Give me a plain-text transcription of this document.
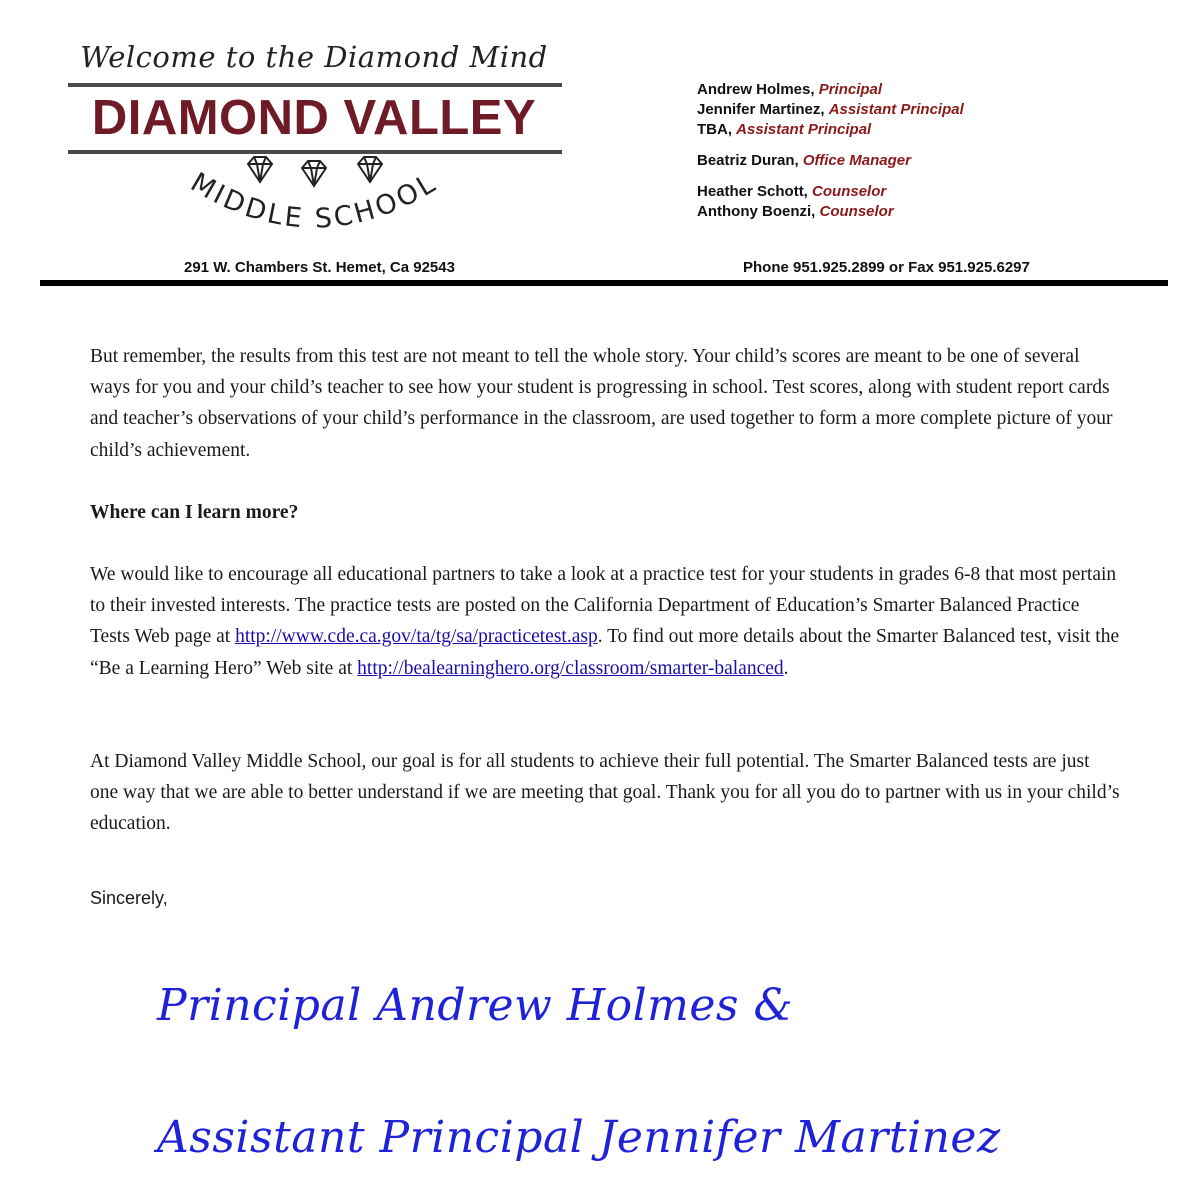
Welcome to the Diamond Mind
DIAMOND VALLEY
MIDDLE SCHOOL
Andrew Holmes, Principal
Jennifer Martinez, Assistant Principal
TBA, Assistant Principal
Beatriz Duran, Office Manager
Heather Schott, Counselor
Anthony Boenzi, Counselor
291 W. Chambers St. Hemet, Ca 92543	Phone 951.925.2899 or Fax 951.925.6297

But remember, the results from this test are not meant to tell the whole story. Your child’s scores are meant to be one of several ways for you and your child’s teacher to see how your student is progressing in school. Test scores, along with student report cards and teacher’s observations of your child’s performance in the classroom, are used together to form a more complete picture of your child’s achievement.

Where can I learn more?

We would like to encourage all educational partners to take a look at a practice test for your students in grades 6-8 that most pertain to their invested interests. The practice tests are posted on the California Department of Education’s Smarter Balanced Practice Tests Web page at http://www.cde.ca.gov/ta/tg/sa/practicetest.asp. To find out more details about the Smarter Balanced test, visit the “Be a Learning Hero” Web site at http://bealearninghero.org/classroom/smarter-balanced.

At Diamond Valley Middle School, our goal is for all students to achieve their full potential. The Smarter Balanced tests are just one way that we are able to better understand if we are meeting that goal. Thank you for all you do to partner with us in your child’s education.

Sincerely,

Principal Andrew Holmes &
Assistant Principal Jennifer Martinez
